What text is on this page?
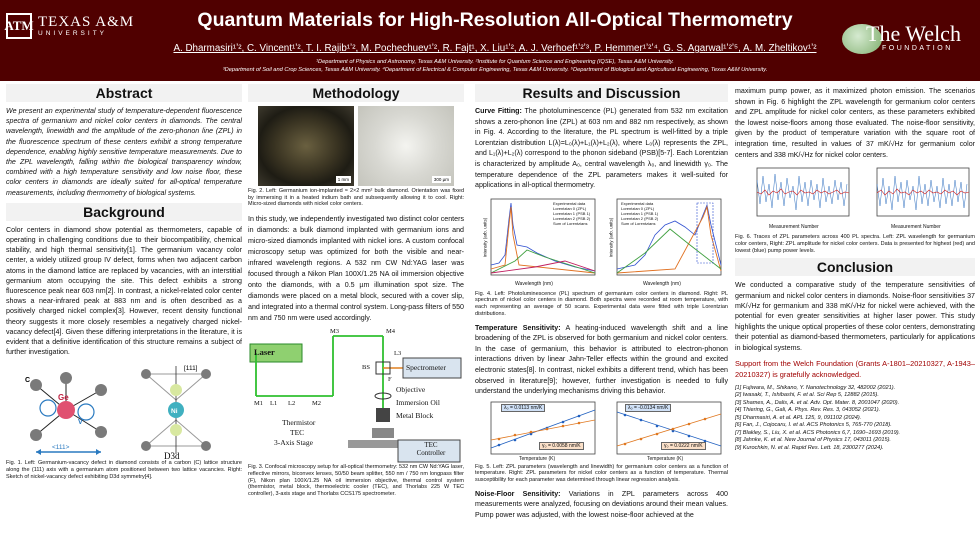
ATM TEXAS A&M
UNIVERSITY
Quantum Materials for High-Resolution All-Optical Thermometry
A. Dharmasiri¹ʼ², C. Vincent¹ʼ², T. I. Rajib¹ʼ², M. Pochechuev¹ʼ², R. Fajt¹, X. Liu¹ʼ², A. J. Verhoef¹ʼ²ʼ³, P. Hemmer¹ʼ²ʼ⁴, G. S. Agarwal¹ʼ²ʼ⁵, A. M. Zheltikov¹ʼ²
¹Department of Physics and Astronomy, Texas A&M University. ²Institute for Quantum Science and Engineering (IQSE), Texas A&M University.
³Department of Soil and Crop Sciences, Texas A&M University. ⁴Department of Electrical & Computer Engineering, Texas A&M University. ⁵Department of Biological and Agricultural Engineering, Texas A&M University.
The Welch
FOUNDATION
Abstract
We present an experimental study of temperature-dependent fluorescence spectra of germanium and nickel color centers in diamonds. The central wavelength, linewidth and the amplitude of the zero-phonon line (ZPL) in the fluorescence spectrum of these centers exhibit a strong temperature dependence, enabling highly sensitive temperature measurements. Due to the ZPL wavelength, falling within the biological transparency window, combined with a high temperature sensitivity and low noise floor, these color centers in diamonds are ideally suited for all-optical temperature measurements, including thermometry of biological systems.
Background
Color centers in diamond show potential as thermometers, capable of operating in challenging conditions due to their biocompatibility, chemical stability, and high thermal sensitivity[1]. The germanium vacancy color center, a widely utilized group IV defect, forms when two adjacent carbon atoms in the diamond lattice are replaced by vacancies, with an interstitial germanium atom occupying the site. This defect exhibits a strong fluorescence peak near 603 nm[2]. In contrast, a nickel-related color center shows a near-infrared peak at 883 nm and is often described as a positively charged nickel complex[3]. However, recent density functional theory suggests it more closely resembles a negatively charged nickel-vacancy defect[4]. Given these differing interpretations in the literature, it is evident that a definitive identification of this structure remains a subject of further investigation.
Ge
C
V
<111>
Ni
[111]
D3d
Fig. 1. Left: Germanium-vacancy defect in diamond consists of a carbon (C) lattice structure along the (111) axis with a germanium atom positioned between two lattice vacancies. Right: Sketch of nickel-vacancy defect exhibiting D3d symmetry[4].
Methodology
1 mm	300 µm
Fig. 2. Left: Germanium ion-implanted ≈ 2×2 mm² bulk diamond. Orientation was fixed by immersing it in a heated indium bath and subsequently allowing it to cool. Right: Micro-sized diamonds with nickel color centers.
In this study, we independently investigated two distinct color centers in diamonds: a bulk diamond implanted with germanium ions and micro-sized diamonds implanted with nickel ions. A custom confocal microscopy setup was optimized for both the visible and near-infrared wavelength regions. A 532 nm CW Nd:YAG laser was focused through a Nikon Plan 100X/1.25 NA oil immersion objective onto the diamonds, with a 0.5 µm illumination spot size. The diamonds were placed on a metal block, secured with a cover slip, and integrated into a thermal control system. Long-pass filters of 550 nm and 750 nm were used accordingly.
Laser
Spectrometer
Objective
Immersion Oil
Metal Block
Thermistor
TEC
3-Axis Stage	TEC
Controller
M1 L1 L2	M2
M3	M4
BS
F
L3
Fig. 3. Confocal microscopy setup for all-optical thermometry: 532 nm CW Nd:YAG laser, reflective mirrors, biconvex lenses, 50/50 beam splitter, 550 nm / 750 nm longpass filter (F), Nikon plan 100X/1.25 NA oil immersion objective, thermal control system (thermistor, metal block, thermoelectric cooler (TEC), and Thorlabs 225 W TEC controller), 3-axis stage and Thorlabs CCS175 spectrometer.
Results and Discussion
Curve Fitting: The photoluminescence (PL) generated from 532 nm excitation shows a zero-phonon line (ZPL) at 603 nm and 882 nm respectively, as shown in Fig. 4. According to the literature, the PL spectrum is well-fitted by a triple Lorentzian distribution L(λ)=L₀(λ)+L₁(λ)+L₂(λ), where L₀(λ) represents the ZPL, and L₁(λ)+L₂(λ) correspond to the phonon sideband (PSB)[5-7]. Each Lorentzian is characterized by amplitude A₀, central wavelength λ₀, and linewidth γ₀. The temperature dependence of the ZPL parameters makes it well-suited for applications in all-optical thermometry.
Wavelength (nm)	Wavelength (nm)
Intensity (arb. units)	Intensity (arb. units)
Experimental data
Lorentzian 0 (ZPL)
Lorentzian 1 (PSB 1)
Lorentzian 2 (PSB 2)
Sum of Lorentzians
Experimental data
Lorentzian 0 (ZPL)
Lorentzian 1 (PSB 1)
Lorentzian 2 (PSB 2)
Sum of Lorentzians
Fig. 4. Left: Photoluminescence (PL) spectrum of germanium color centers in diamond. Right: PL spectrum of nickel color centers in diamond. Both spectra were recorded at room temperature, with each representing an average of 50 scans. Experimental data were fitted with triple Lorentzian distributions.
Temperature Sensitivity: A heating-induced wavelength shift and a line broadening of the ZPL is observed for both germanium and nickel color centers. In the case of germanium, this behavior is attributed to electron-phonon interactions driven by linear Jahn-Teller effects within the ground and excited electronic states[8]. In contrast, nickel exhibits a different trend, which has been observed in literature[9]; however, further investigation is needed to fully understand the underlying mechanisms driving this behavior.
λ₀ = 0.0113 nm/K
γ₀ = 0.0058 nm/K
λ₀ = -0.0134 nm/K
γ₀ = 0.0222 nm/K
Temperature (K)	Temperature (K)
Fig. 5. Left: ZPL parameters (wavelength and linewidth) for germanium color centers as a function of temperature. Right: ZPL parameters for nickel color centers as a function of temperature. Thermal susceptibility for each parameter was determined through linear regression analysis.
Noise-Floor Sensitivity: Variations in ZPL parameters across 400 measurements were analyzed, focusing on deviations around their mean values. Pump power was adjusted, with the lowest noise-floor achieved at the
maximum pump power, as it maximized photon emission. The scenarios shown in Fig. 6 highlight the ZPL wavelength for germanium color centers and ZPL amplitude for nickel color centers, as these parameters exhibited the lowest noise-floors among those evaluated. The noise-floor sensitivity, given by the product of temperature variation with the square root of integration time, resulted in values of 37 mK/√Hz for germanium color centers and 338 mK/√Hz for nickel color centers.
Measurement Number	Measurement Number
Fig. 6. Traces of ZPL parameters across 400 PL spectra. Left: ZPL wavelength for germanium color centers, Right: ZPL amplitude for nickel color centers. Data is presented for highest (red) and lowest (blue) pump power levels.
Conclusion
We conducted a comparative study of the temperature sensitivities of germanium and nickel color centers in diamonds. Noise-floor sensitivities 37 mK/√Hz for germanium and 338 mK/√Hz for nickel were achieved, with the potential for even greater sensitivities at higher laser power. This study highlights the unique optical properties of these color centers, demonstrating their potential as diamond-based thermometers, particularly for applications in biological systems.
Support from the Welch Foundation (Grants A-1801–20210327, A-1943–20210327) is gratefully acknowledged.
[1] Fujiwara, M., Shikano, Y. Nanotechnology 32, 482002 (2021).
[2] Iwasaki, T., Ishibashi, F. et al. Sci Rep 5, 12882 (2015).
[3] Shames, A., Dalis, A. et al. Adv. Opt. Mater. 8, 2001047 (2020).
[4] Thiering, G., Gali, A. Phys. Rev. Res. 3, 043052 (2021).
[5] Dharmasiri, A. et al. APL 125, 9, 091102 (2024).
[6] Fan, J., Cojocaru, I. et al. ACS Photonics 5, 765-770 (2018).
[7] Blakley, S., Liu, X. et al. ACS Photonics 6,7, 1690–1693 (2019).
[8] Jahnke, K. et al. New Journal of Physics 17, 043011 (2015).
[9] Kurochkin, N. et al. Rapid Res. Lett. 18, 2300277 (2024).
